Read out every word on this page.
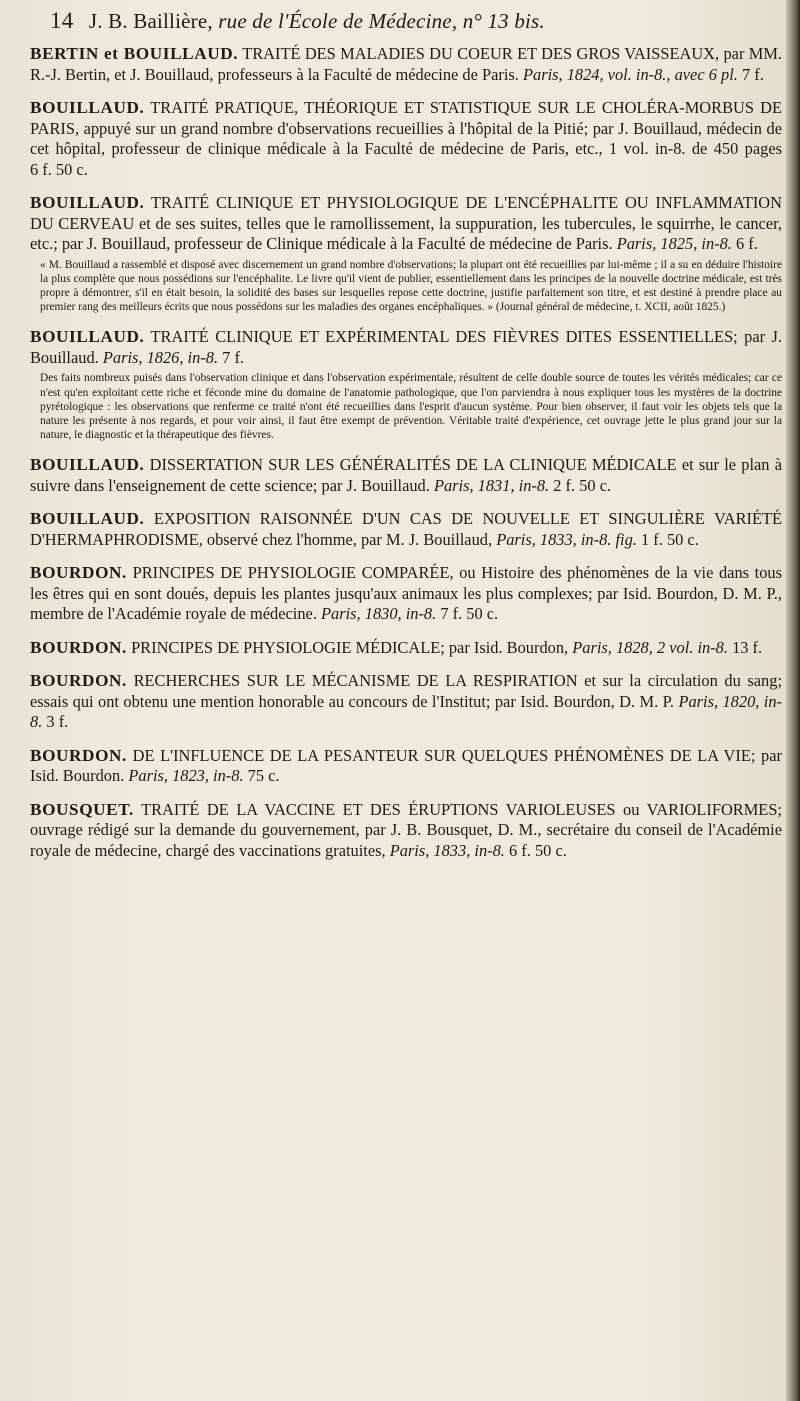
14 J. B. Baillière, rue de l'École de Médecine, n° 13 bis.
BERTIN et BOUILLAUD. TRAITÉ DES MALADIES DU COEUR ET DES GROS VAISSEAUX, par MM. R.-J. Bertin, et J. Bouillaud, professeurs à la Faculté de médecine de Paris. Paris, 1824, vol. in-8., avec 6 pl. 7 f.
BOUILLAUD. TRAITÉ PRATIQUE, THÉORIQUE ET STATISTIQUE SUR LE CHOLÉRA-MORBUS DE PARIS, appuyé sur un grand nombre d'observations recueillies à l'hôpital de la Pitié; par J. Bouillaud, médecin de cet hôpital, professeur de clinique médicale à la Faculté de médecine de Paris, etc., 1 vol. in-8. de 450 pages 6 f. 50 c.
BOUILLAUD. TRAITÉ CLINIQUE ET PHYSIOLOGIQUE DE L'ENCÉPHALITE OU INFLAMMATION DU CERVEAU et de ses suites, telles que le ramollissement, la suppuration, les tubercules, le squirrhe, le cancer, etc.; par J. Bouillaud, professeur de Clinique médicale à la Faculté de médecine de Paris. Paris, 1825, in-8. 6 f.
« M. Bouillaud a rassemblé et disposé avec discernement un grand nombre d'observations; la plupart ont été recueillies par lui-même ; il a su en déduire l'histoire la plus complète que nous possédions sur l'encéphalite. Le livre qu'il vient de publier, essentiellement dans les principes de la nouvelle doctrine médicale, est très propre à démontrer, s'il en était besoin, la solidité des bases sur lesquelles repose cette doctrine, justifie parfaitement son titre, et est destiné à prendre place au premier rang des meilleurs écrits que nous possédons sur les maladies des organes encéphaliques. » (Journal général de médecine, t. XCII, août 1825.)
BOUILLAUD. TRAITÉ CLINIQUE ET EXPÉRIMENTAL DES FIÈVRES DITES ESSENTIELLES; par J. Bouillaud. Paris, 1826, in-8. 7 f.
Des faits nombreux puisés dans l'observation clinique et dans l'observation expérimentale, résultent de celle double source de toutes les vérités médicales; car ce n'est qu'en exploitant cette riche et féconde mine du domaine de l'anatomie pathologique, que l'on parviendra à nous expliquer tous les mystères de la doctrine pyrétologique : les observations que renferme ce traité n'ont été recueillies dans l'esprit d'aucun système. Pour bien observer, il faut voir les objets tels que la nature les présente à nos regards, et pour voir ainsi, il faut être exempt de prévention. Véritable traité d'expérience, cet ouvrage jette le plus grand jour sur la nature, le diagnostic et la thérapeutique des fièvres.
BOUILLAUD. DISSERTATION SUR LES GÉNÉRALITÉS DE LA CLINIQUE MÉDICALE et sur le plan à suivre dans l'enseignement de cette science; par J. Bouillaud. Paris, 1831, in-8. 2 f. 50 c.
BOUILLAUD. EXPOSITION RAISONNÉE D'UN CAS DE NOUVELLE ET SINGULIÈRE VARIÉTÉ D'HERMAPHRODISME, observé chez l'homme, par M. J. Bouillaud, Paris, 1833, in-8. fig. 1 f. 50 c.
BOURDON. PRINCIPES DE PHYSIOLOGIE COMPARÉE, ou Histoire des phénomènes de la vie dans tous les êtres qui en sont doués, depuis les plantes jusqu'aux animaux les plus complexes; par Isid. Bourdon, D. M. P., membre de l'Académie royale de médecine. Paris, 1830, in-8. 7 f. 50 c.
BOURDON. PRINCIPES DE PHYSIOLOGIE MÉDICALE; par Isid. Bourdon, Paris, 1828, 2 vol. in-8. 13 f.
BOURDON. RECHERCHES SUR LE MÉCANISME DE LA RESPIRATION et sur la circulation du sang; essais qui ont obtenu une mention honorable au concours de l'Institut; par Isid. Bourdon, D. M. P. Paris, 1820, in-8. 3 f.
BOURDON. DE L'INFLUENCE DE LA PESANTEUR SUR QUELQUES PHÉNOMÈNES DE LA VIE; par Isid. Bourdon. Paris, 1823, in-8. 75 c.
BOUSQUET. TRAITÉ DE LA VACCINE ET DES ÉRUPTIONS VARIOLEUSES ou VARIOLIFORMES; ouvrage rédigé sur la demande du gouvernement, par J. B. Bousquet, D. M., secrétaire du conseil de l'Académie royale de médecine, chargé des vaccinations gratuites, Paris, 1833, in-8. 6 f. 50 c.
